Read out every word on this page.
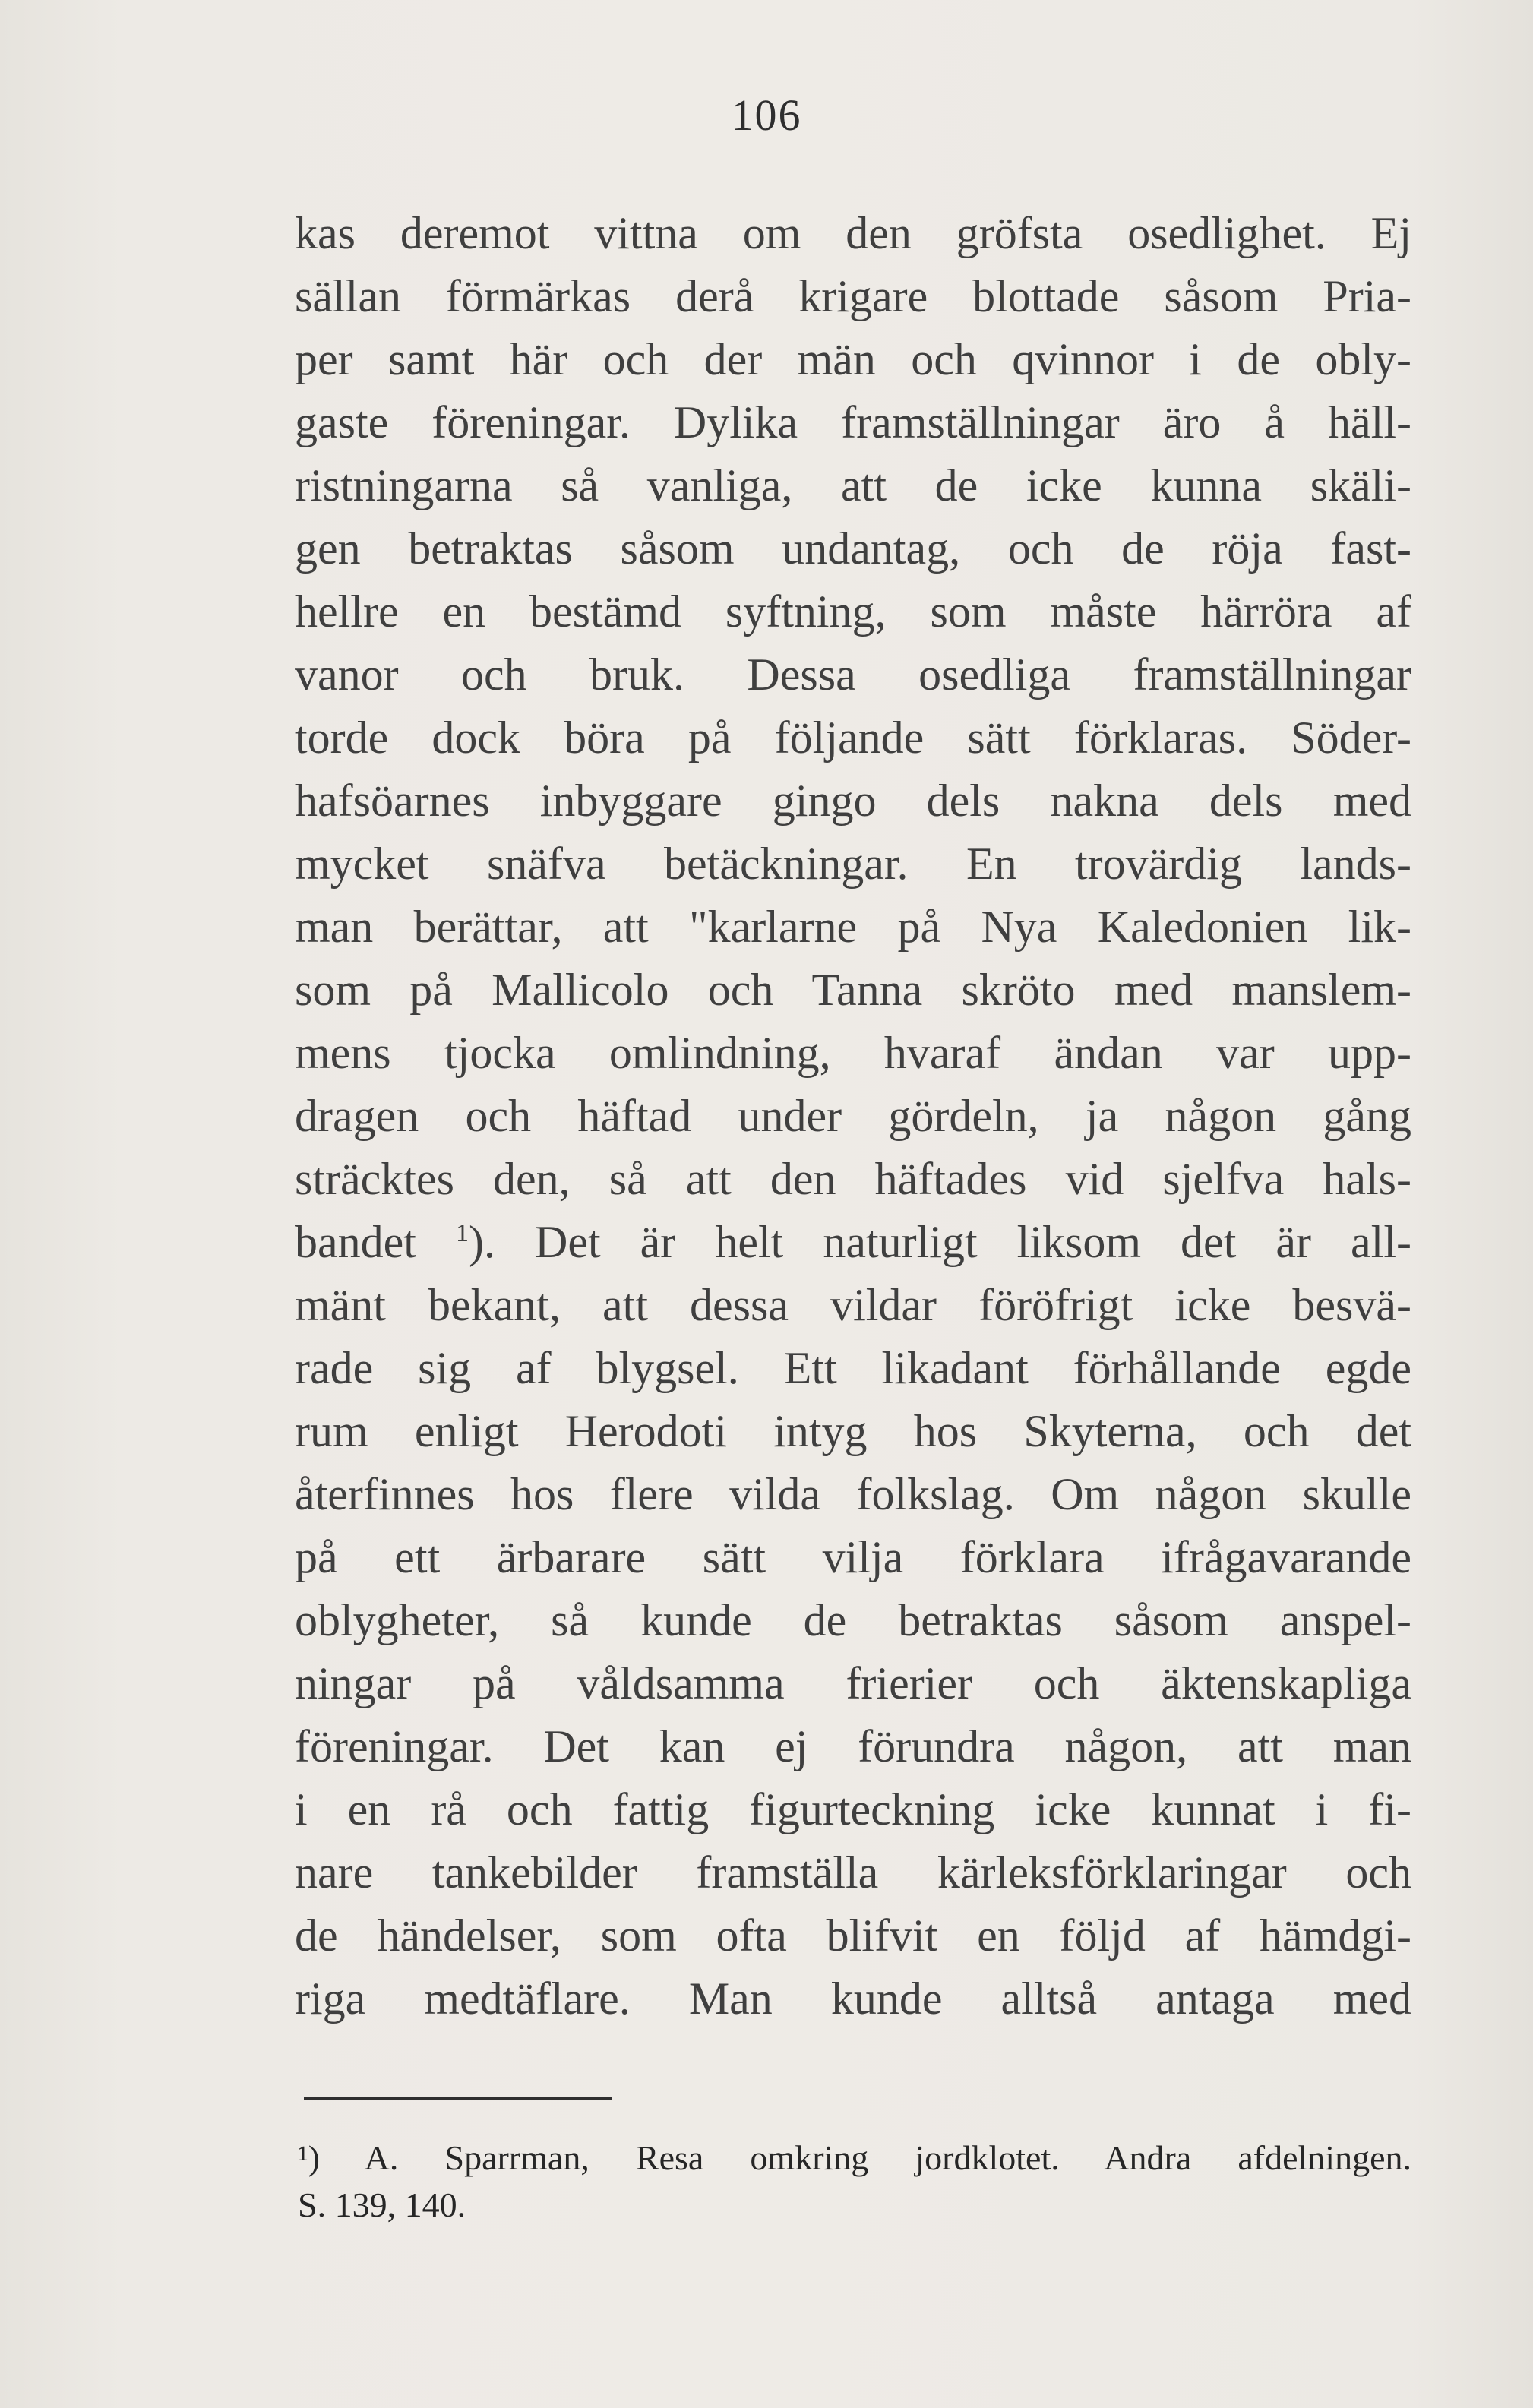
106
kas deremot vittna om den gröfsta osedlighet. Ej
sällan förmärkas derå krigare blottade såsom Pria-
per samt här och der män och qvinnor i de obly-
gaste föreningar. Dylika framställningar äro å häll-
ristningarna så vanliga, att de icke kunna skäli-
gen betraktas såsom undantag, och de röja fast-
hellre en bestämd syftning, som måste härröra af
vanor och bruk. Dessa osedliga framställningar
torde dock böra på följande sätt förklaras. Söder-
hafsöarnes inbyggare gingo dels nakna dels med
mycket snäfva betäckningar. En trovärdig lands-
man berättar, att "karlarne på Nya Kaledonien lik-
som på Mallicolo och Tanna skröto med manslem-
mens tjocka omlindning, hvaraf ändan var upp-
dragen och häftad under gördeln, ja någon gång
sträcktes den, så att den häftades vid sjelfva hals-
bandet $^1$). Det är helt naturligt liksom det är all-
mänt bekant, att dessa vildar föröfrigt icke besvä-
rade sig af blygsel. Ett likadant förhållande egde
rum enligt Herodoti intyg hos Skyterna, och det
återfinnes hos flere vilda folkslag. Om någon skulle
på ett ärbarare sätt vilja förklara ifrågavarande
oblygheter, så kunde de betraktas såsom anspel-
ningar på våldsamma frierier och äktenskapliga
föreningar. Det kan ej förundra någon, att man
i en rå och fattig figurteckning icke kunnat i fi-
nare tankebilder framställa kärleksförklaringar och
de händelser, som ofta blifvit en följd af hämdgi-
riga medtäflare. Man kunde alltså antaga med
¹) A. Sparrman, Resa omkring jordklotet. Andra afdelningen.
S. 139, 140.
